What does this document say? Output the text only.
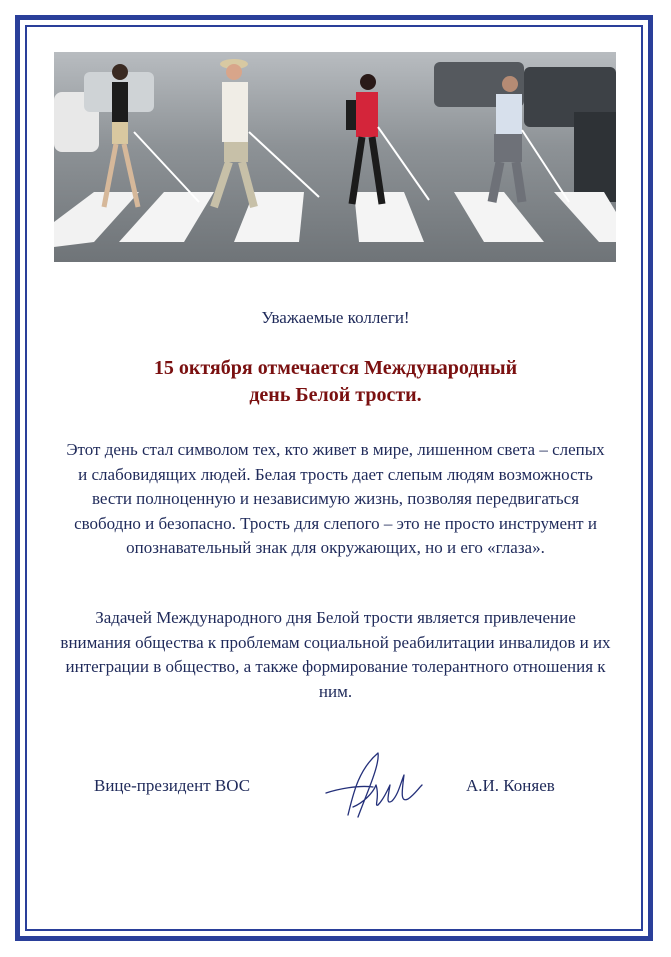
Уважаемые коллеги!
15 октября отмечается Международный
день Белой трости.
Этот день стал символом тех, кто живет в мире, лишенном света – слепых и слабовидящих людей. Белая трость дает слепым людям возможность вести полноценную и независимую жизнь, позволяя передвигаться свободно и безопасно. Трость для слепого – это не просто инструмент и опознавательный знак для окружающих, но и его «глаза».
Задачей Международного дня Белой трости является привлечение внимания общества к проблемам социальной реабилитации инвалидов и их интеграции в общество, а также формирование толерантного отношения к ним.
Вице-президент ВОС	А.И. Коняев
